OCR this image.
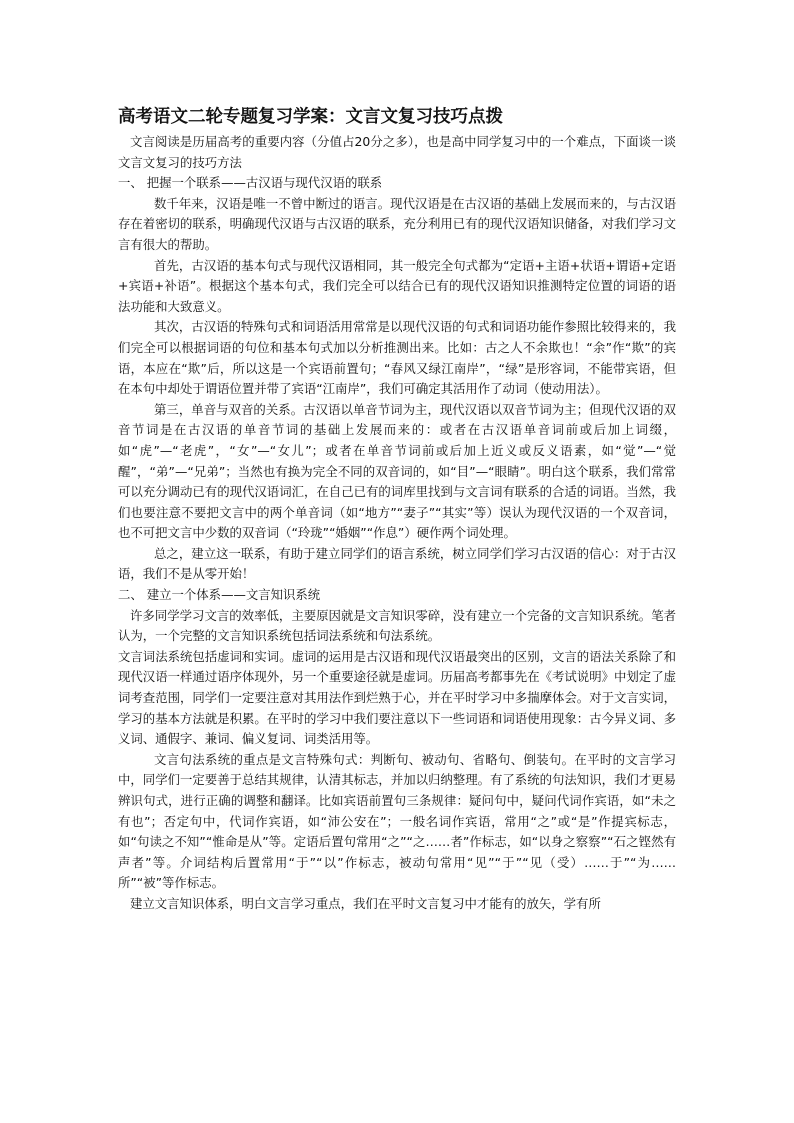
高考语文二轮专题复习学案：文言文复习技巧点拨

文言阅读是历届高考的重要内容（分值占20分之多），也是高中同学复习中的一个难点，下面谈一谈文言文复习的技巧方法

一、 把握一个联系——古汉语与现代汉语的联系

数千年来，汉语是唯一不曾中断过的语言。现代汉语是在古汉语的基础上发展而来的，与古汉语存在着密切的联系，明确现代汉语与古汉语的联系，充分利用已有的现代汉语知识储备，对我们学习文言有很大的帮助。

首先，古汉语的基本句式与现代汉语相同，其一般完全句式都为“定语+主语+状语+谓语+定语+宾语+补语”。根据这个基本句式，我们完全可以结合已有的现代汉语知识推测特定位置的词语的语法功能和大致意义。

其次，古汉语的特殊句式和词语活用常常是以现代汉语的句式和词语功能作参照比较得来的，我们完全可以根据词语的句位和基本句式加以分析推测出来。比如：古之人不余欺也！“余”作“欺”的宾语，本应在“欺”后，所以这是一个宾语前置句；“春风又绿江南岸”，“绿”是形容词，不能带宾语，但在本句中却处于谓语位置并带了宾语“江南岸”，我们可确定其活用作了动词（使动用法）。

第三，单音与双音的关系。古汉语以单音节词为主，现代汉语以双音节词为主；但现代汉语的双音节词是在古汉语的单音节词的基础上发展而来的：或者在古汉语单音词前或后加上词缀，如“虎”—“老虎”，“女”—“女儿”；或者在单音节词前或后加上近义或反义语素，如“觉”—“觉醒”，“弟”—“兄弟”；当然也有换为完全不同的双音词的，如“目”—“眼睛”。明白这个联系，我们常常可以充分调动已有的现代汉语词汇，在自己已有的词库里找到与文言词有联系的合适的词语。当然，我们也要注意不要把文言中的两个单音词（如“地方”“妻子”“其实”等）误认为现代汉语的一个双音词，也不可把文言中少数的双音词（“玲珑”“婚姻”“作息”）硬作两个词处理。

总之，建立这一联系，有助于建立同学们的语言系统，树立同学们学习古汉语的信心：对于古汉语，我们不是从零开始！

二、 建立一个体系——文言知识系统

许多同学学习文言的效率低，主要原因就是文言知识零碎，没有建立一个完备的文言知识系统。笔者认为，一个完整的文言知识系统包括词法系统和句法系统。

文言词法系统包括虚词和实词。虚词的运用是古汉语和现代汉语最突出的区别，文言的语法关系除了和现代汉语一样通过语序体现外，另一个重要途径就是虚词。历届高考都事先在《考试说明》中划定了虚词考查范围，同学们一定要注意对其用法作到烂熟于心，并在平时学习中多揣摩体会。对于文言实词，学习的基本方法就是积累。在平时的学习中我们要注意以下一些词语和词语使用现象：古今异义词、多义词、通假字、兼词、偏义复词、词类活用等。

文言句法系统的重点是文言特殊句式：判断句、被动句、省略句、倒装句。在平时的文言学习中，同学们一定要善于总结其规律，认清其标志，并加以归纳整理。有了系统的句法知识，我们才更易辨识句式，进行正确的调整和翻译。比如宾语前置句三条规律：疑问句中，疑问代词作宾语，如“未之有也”；否定句中，代词作宾语，如“沛公安在”；一般名词作宾语，常用“之”或“是”作提宾标志，如“句读之不知”“惟命是从”等。定语后置句常用“之”“之……者”作标志，如“以身之察察”“石之铿然有声者”等。介词结构后置常用“于”“以”作标志，被动句常用“见”“于”“见（受）……于”“为……所”“被”等作标志。

建立文言知识体系，明白文言学习重点，我们在平时文言复习中才能有的放矢，学有所
